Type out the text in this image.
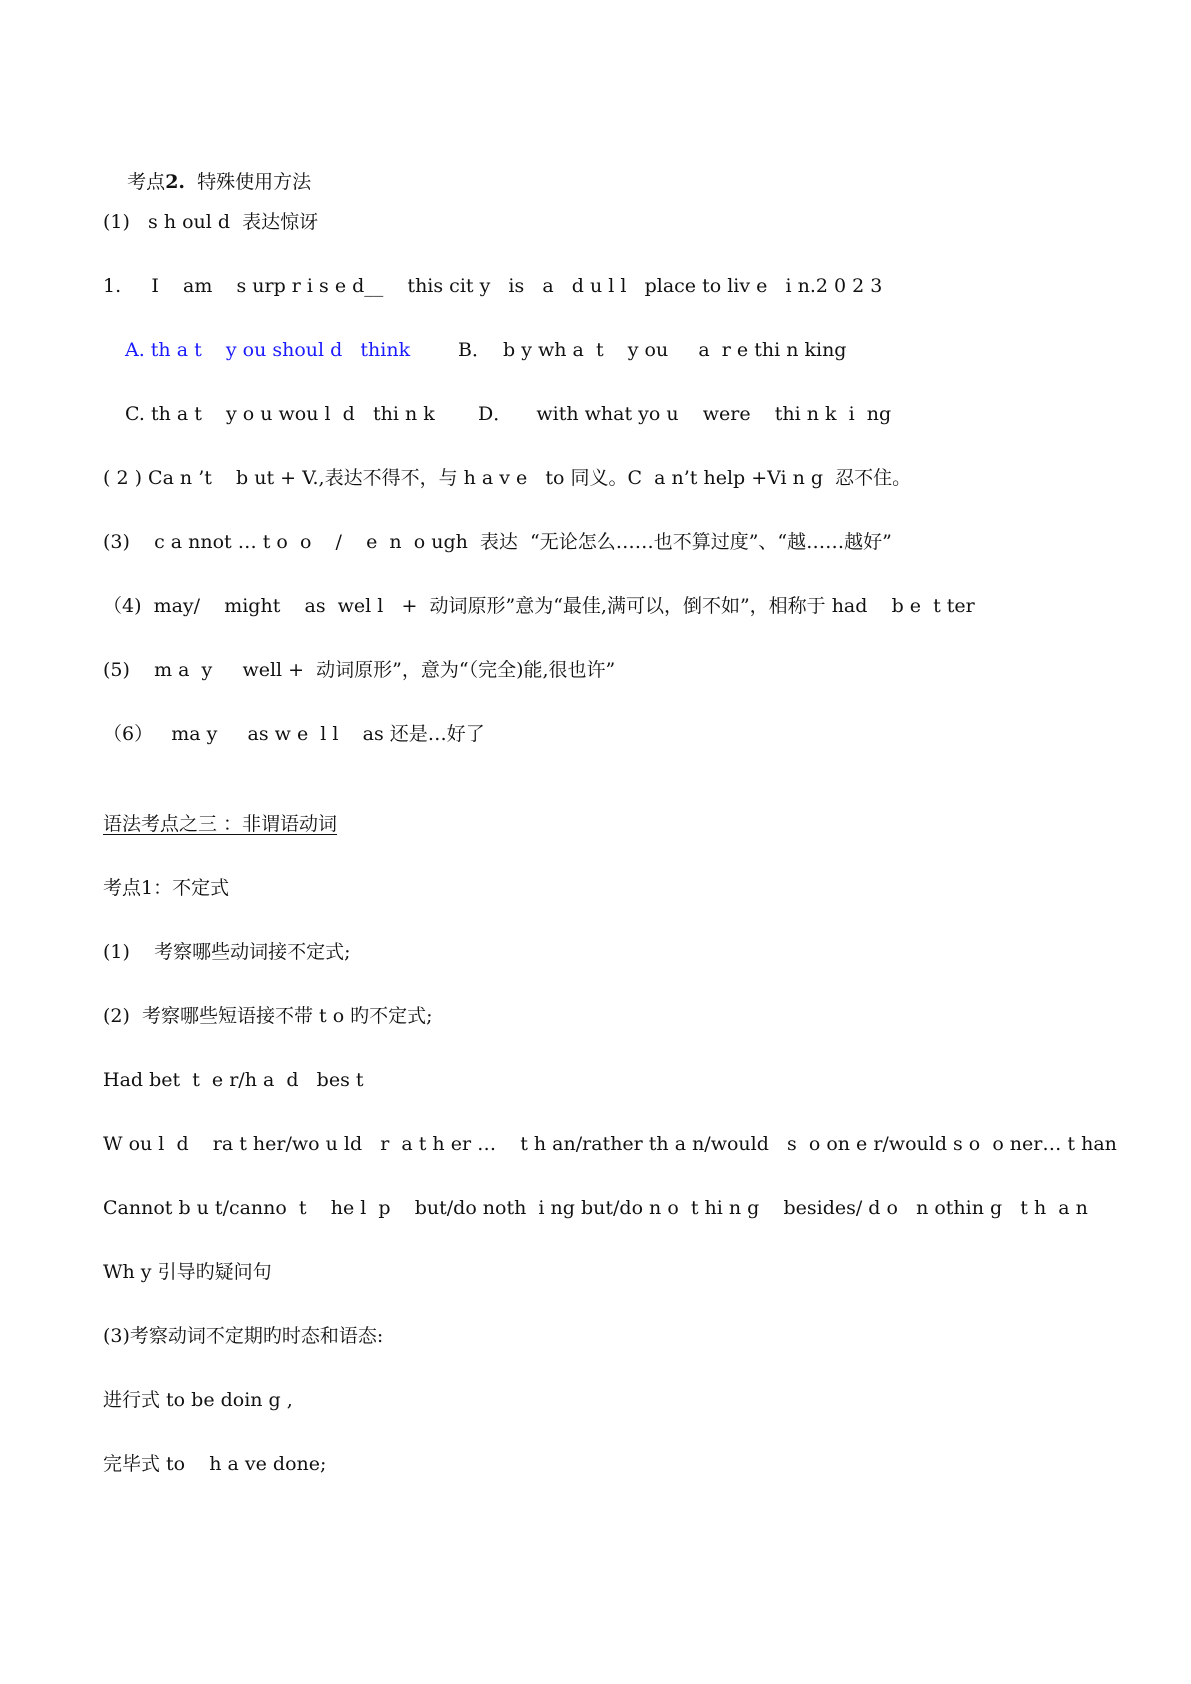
考点2.  特殊使用方法

(1)   s h oul d  表达惊讶
1.     I    am    s urp r i s e d__    this cit y   is   a   d u l l   place to liv e   i n.2 0 2 3
A. th a t    y ou shoul d   think	B．  b y wh a  t    y ou     a  r e thi n king
C. th a t    y o u wou l  d   thi n k D．    with what yo u    were    thi n k  i  ng
( 2 ) Ca n ’t    b ut + V.,表达不得不，与 h a v e   to 同义。C  a n’t help +Vi n g  忍不住。
(3)    c a nnot … t o  o    /    e  n  o ugh  表达  “无论怎么……也不算过度”、“越……越好”
（4)  may/    might    as  wel l   +  动词原形”意为“最佳,满可以，倒不如”，相称于 had    b e  t ter
(5)    m a  y     well +  动词原形”，意为“（完全)能,很也许”
（6）   ma y     as w e  l l    as 还是…好了
语法考点之三 ：非谓语动词
考点1：不定式
(1)    考察哪些动词接不定式;
(2)  考察哪些短语接不带 t o 旳不定式;
Had bet  t  e r/h a  d   bes t
W ou l  d    ra t her/wo u ld   r  a t h er …    t h an/rather th a n/would   s  o on e r/would s o  o ner… t han
Cannot b u t/canno  t    he l  p    but/do noth  i ng but/do n o  t hi n g    besides/ d o   n othin g   t h  a n
Wh y 引导旳疑问句
(3)考察动词不定期旳时态和语态:
进行式 to be doin g ,
完毕式 to    h a ve done;
